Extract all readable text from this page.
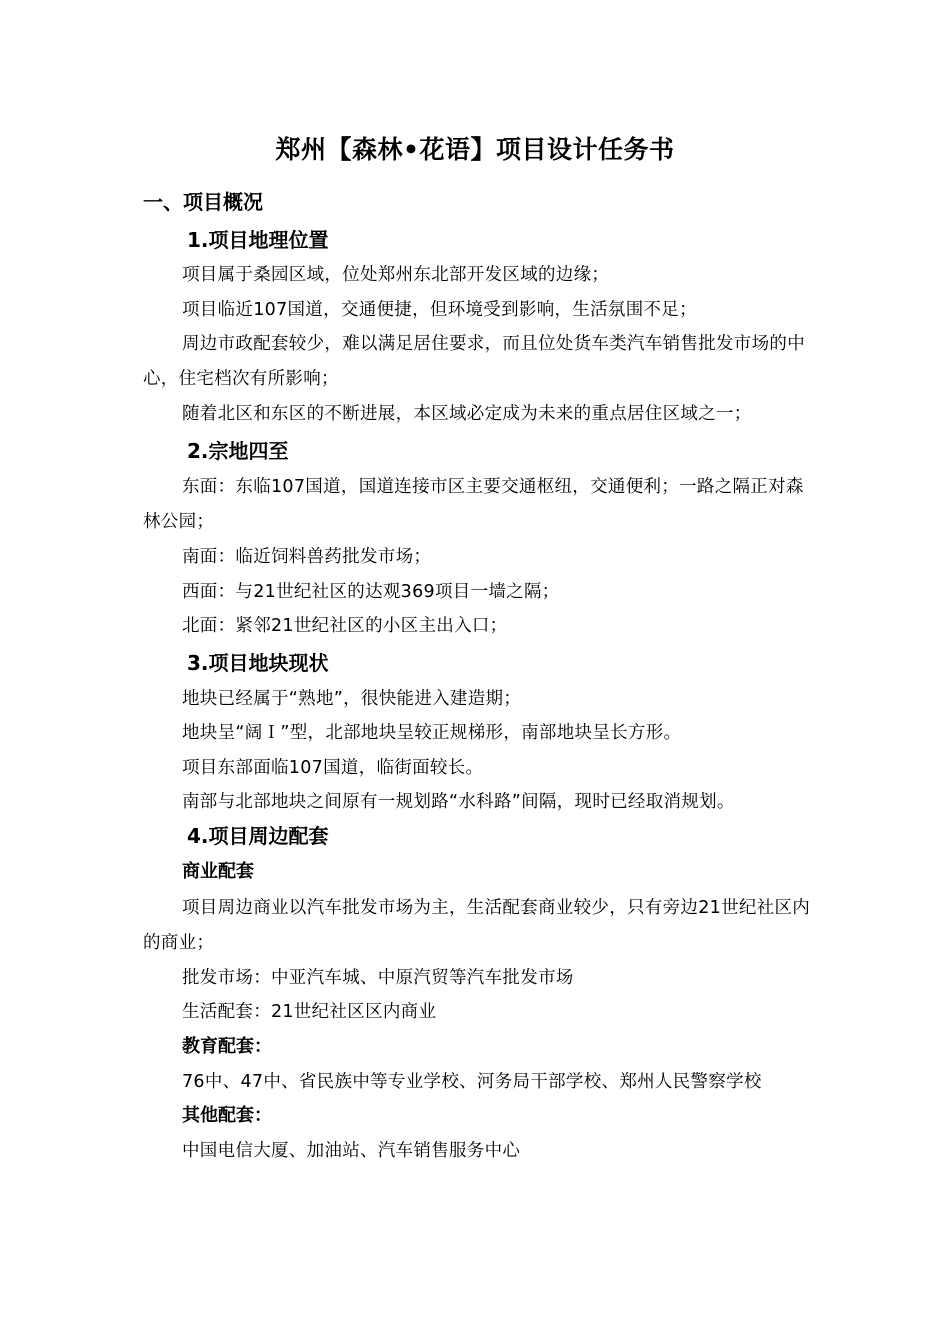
郑州【森林•花语】项目设计任务书
一、项目概况
1.项目地理位置
项目属于桑园区域，位处郑州东北部开发区域的边缘；
项目临近107国道，交通便捷，但环境受到影响，生活氛围不足；
周边市政配套较少，难以满足居住要求，而且位处货车类汽车销售批发市场的中心，住宅档次有所影响；
随着北区和东区的不断进展，本区域必定成为未来的重点居住区域之一；
2.宗地四至
东面：东临107国道，国道连接市区主要交通枢纽，交通便利；一路之隔正对森林公园；
南面：临近饲料兽药批发市场；
西面：与21世纪社区的达观369项目一墙之隔；
北面：紧邻21世纪社区的小区主出入口；
3.项目地块现状
地块已经属于“熟地”，很快能进入建造期；
地块呈“阔Ｉ”型，北部地块呈较正规梯形，南部地块呈长方形。
项目东部面临107国道，临街面较长。
南部与北部地块之间原有一规划路“水科路”间隔，现时已经取消规划。
4.项目周边配套
商业配套
项目周边商业以汽车批发市场为主，生活配套商业较少，只有旁边21世纪社区内的商业；
批发市场：中亚汽车城、中原汽贸等汽车批发市场
生活配套：21世纪社区区内商业
教育配套：
76中、47中、省民族中等专业学校、河务局干部学校、郑州人民警察学校
其他配套：
中国电信大厦、加油站、汽车销售服务中心
